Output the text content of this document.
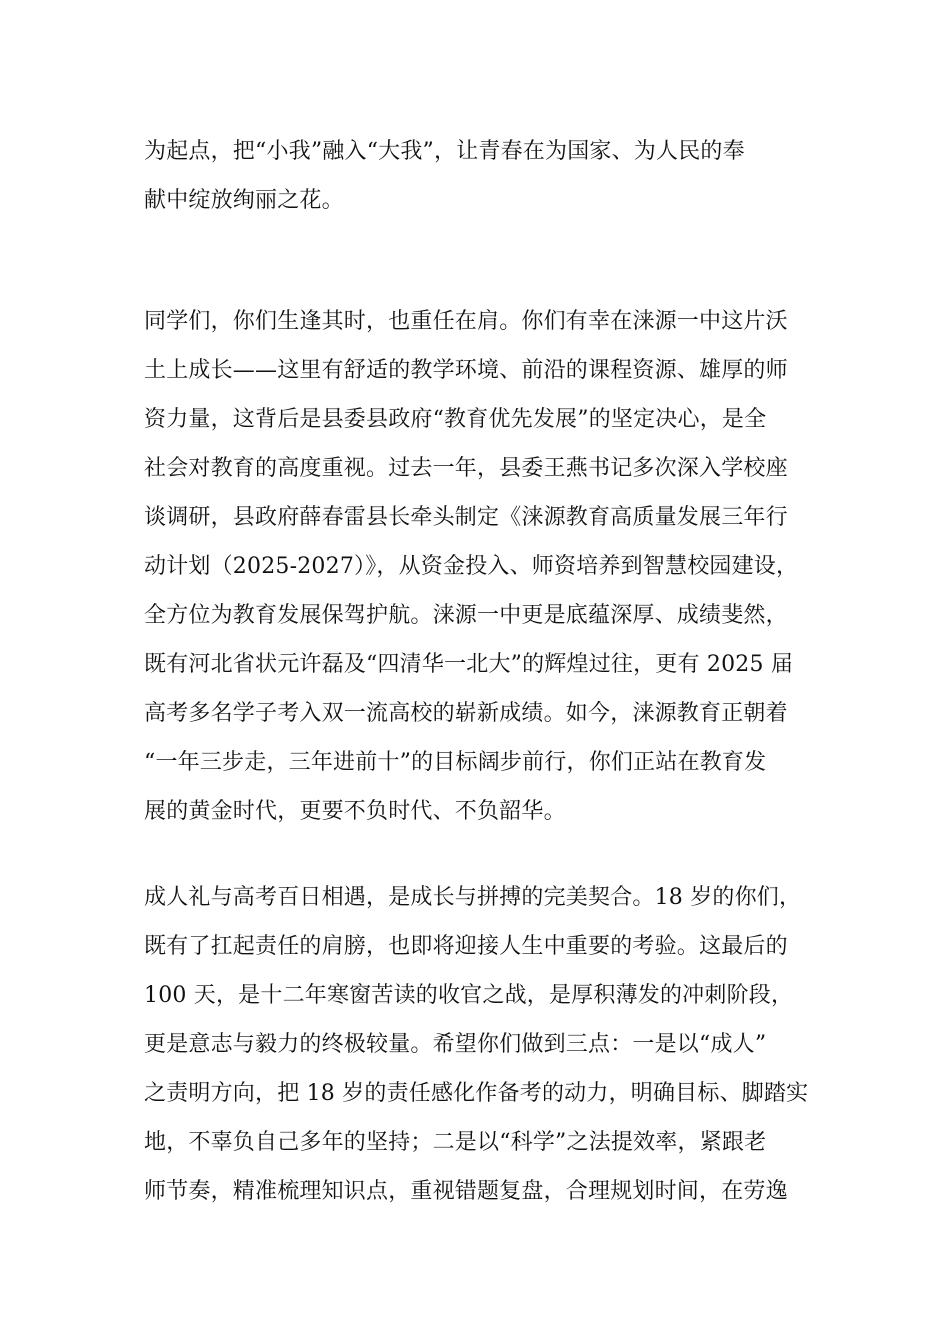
为起点，把“小我”融入“大我”，让青春在为国家、为人民的奉
献中绽放绚丽之花。
同学们，你们生逢其时，也重任在肩。你们有幸在涞源一中这片沃
土上成长——这里有舒适的教学环境、前沿的课程资源、雄厚的师
资力量，这背后是县委县政府“教育优先发展”的坚定决心，是全
社会对教育的高度重视。过去一年，县委王燕书记多次深入学校座
谈调研，县政府薛春雷县长牵头制定《涞源教育高质量发展三年行
动计划（2025-2027）》，从资金投入、师资培养到智慧校园建设，
全方位为教育发展保驾护航。涞源一中更是底蕴深厚、成绩斐然，
既有河北省状元许磊及“四清华一北大”的辉煌过往，更有 2025 届
高考多名学子考入双一流高校的崭新成绩。如今，涞源教育正朝着
“一年三步走，三年进前十”的目标阔步前行，你们正站在教育发
展的黄金时代，更要不负时代、不负韶华。
成人礼与高考百日相遇，是成长与拼搏的完美契合。18 岁的你们，
既有了扛起责任的肩膀，也即将迎接人生中重要的考验。这最后的
100 天，是十二年寒窗苦读的收官之战，是厚积薄发的冲刺阶段，
更是意志与毅力的终极较量。希望你们做到三点：一是以“成人”
之责明方向，把 18 岁的责任感化作备考的动力，明确目标、脚踏实
地，不辜负自己多年的坚持；二是以“科学”之法提效率，紧跟老
师节奏，精准梳理知识点，重视错题复盘，合理规划时间，在劳逸
